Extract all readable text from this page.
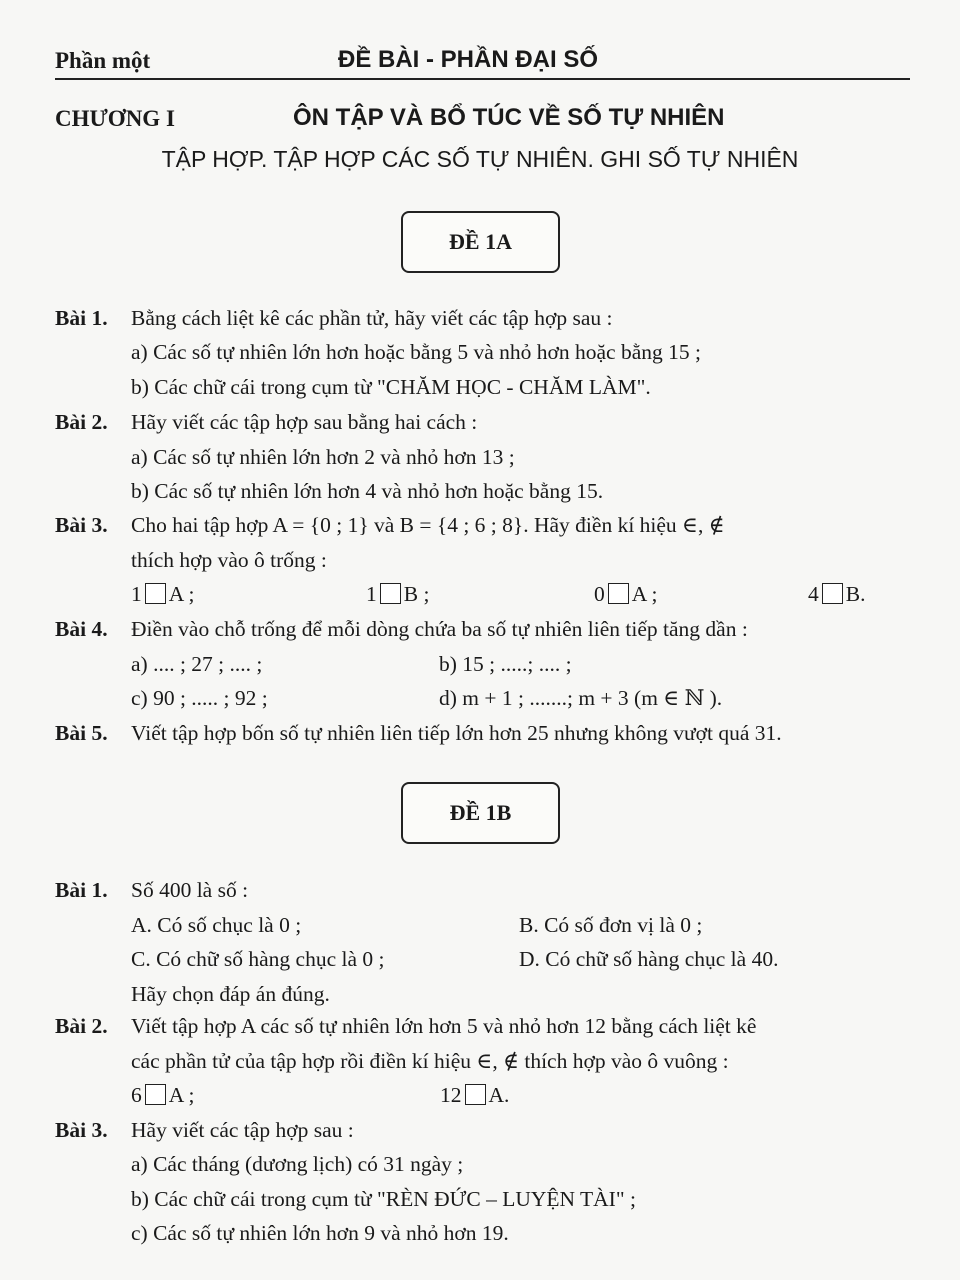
Phần một	ĐỀ BÀI - PHẦN ĐẠI SỐ
CHƯƠNG I	ÔN TẬP VÀ BỔ TÚC VỀ SỐ TỰ NHIÊN
TẬP HỢP. TẬP HỢP CÁC SỐ TỰ NHIÊN. GHI SỐ TỰ NHIÊN
ĐỀ 1A
Bài 1. Bằng cách liệt kê các phần tử, hãy viết các tập hợp sau :
a) Các số tự nhiên lớn hơn hoặc bằng 5 và nhỏ hơn hoặc bằng 15 ;
b) Các chữ cái trong cụm từ "CHĂM HỌC - CHĂM LÀM".
Bài 2. Hãy viết các tập hợp sau bằng hai cách :
a) Các số tự nhiên lớn hơn 2 và nhỏ hơn 13 ;
b) Các số tự nhiên lớn hơn 4 và nhỏ hơn hoặc bằng 15.
Bài 3. Cho hai tập hợp A = {0 ; 1} và B = {4 ; 6 ; 8}. Hãy điền kí hiệu ∈, ∉
thích hợp vào ô trống :
1 A ;	1 B ;	0 A ;	4 B.
Bài 4. Điền vào chỗ trống để mỗi dòng chứa ba số tự nhiên liên tiếp tăng dần :
a) .... ; 27 ; .... ;	b) 15 ; .....; .... ;
c) 90 ; ..... ; 92 ;	d) m + 1 ; .......; m + 3 (m ∈ ℕ ).
Bài 5. Viết tập hợp bốn số tự nhiên liên tiếp lớn hơn 25 nhưng không vượt quá 31.
ĐỀ 1B
Bài 1. Số 400 là số :
A. Có số chục là 0 ;	B. Có số đơn vị là 0 ;
C. Có chữ số hàng chục là 0 ;	D. Có chữ số hàng chục là 40.
Hãy chọn đáp án đúng.
Bài 2. Viết tập hợp A các số tự nhiên lớn hơn 5 và nhỏ hơn 12 bằng cách liệt kê
các phần tử của tập hợp rồi điền kí hiệu ∈, ∉ thích hợp vào ô vuông :
6 A ;	12 A.
Bài 3. Hãy viết các tập hợp sau :
a) Các tháng (dương lịch) có 31 ngày ;
b) Các chữ cái trong cụm từ "RÈN ĐỨC – LUYỆN TÀI" ;
c) Các số tự nhiên lớn hơn 9 và nhỏ hơn 19.
